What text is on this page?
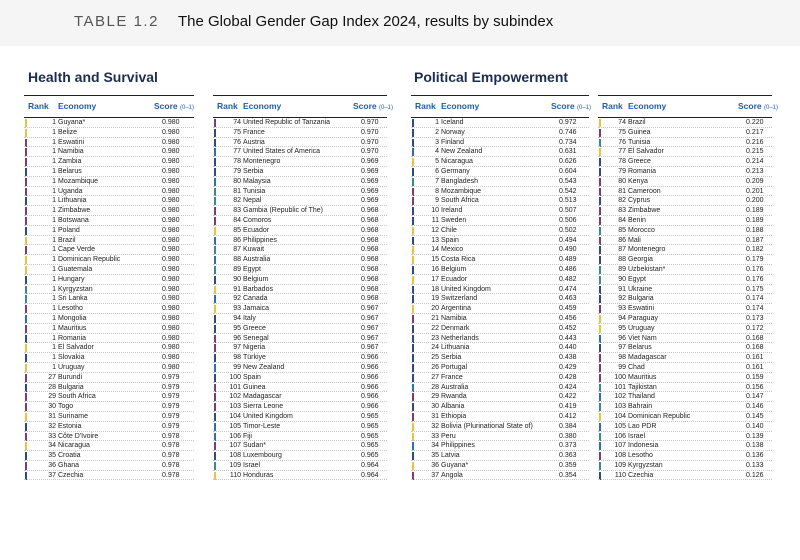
TABLE 1.2 The Global Gender Gap Index 2024, results by subindex
Health and Survival	Political Empowerment
Rank Economy	Score (0–1)
1 Guyana*	0.980
1 Belize	0.980
1 Eswatini	0.980
1 Namibia	0.980
1 Zambia	0.980
1 Belarus	0.980
1 Mozambique	0.980
1 Uganda	0.980
1 Lithuania	0.980
1 Zimbabwe	0.980
1 Botswana	0.980
1 Poland	0.980
1 Brazil	0.980
1 Cape Verde	0.980
1 Dominican Republic	0.980
1 Guatemala	0.980
1 Hungary	0.980
1 Kyrgyzstan	0.980
1 Sri Lanka	0.980
1 Lesotho	0.980
1 Mongolia	0.980
1 Mauritius	0.980
1 Romania	0.980
1 El Salvador	0.980
1 Slovakia	0.980
1 Uruguay	0.980
27 Burundi	0.979
28 Bulgaria	0.979
29 South Africa	0.979
30 Togo	0.979
31 Suriname	0.979
32 Estonia	0.979
33 Côte D'Ivoire	0.978
34 Nicaragua	0.978
35 Croatia	0.978
36 Ghana	0.978
37 Czechia	0.978
Rank Economy	Score (0–1)
74 United Republic of Tanzania	0.970
75 France	0.970
76 Austria	0.970
77 United States of America	0.970
78 Montenegro	0.969
79 Serbia	0.969
80 Malaysia	0.969
81 Tunisia	0.969
82 Nepal	0.969
83 Gambia (Republic of The)	0.968
84 Comoros	0.968
85 Ecuador	0.968
86 Philippines	0.968
87 Kuwait	0.968
88 Australia	0.968
89 Egypt	0.968
90 Belgium	0.968
91 Barbados	0.968
92 Canada	0.968
93 Jamaica	0.967
94 Italy	0.967
95 Greece	0.967
96 Senegal	0.967
97 Nigeria	0.967
98 Türkiye	0.966
99 New Zealand	0.966
100 Spain	0.966
101 Guinea	0.966
102 Madagascar	0.966
103 Sierra Leone	0.966
104 United Kingdom	0.965
105 Timor-Leste	0.965
106 Fiji	0.965
107 Sudan*	0.965
108 Luxembourg	0.965
109 Israel	0.964
110 Honduras	0.964
Rank Economy	Score (0–1)
1 Iceland	0.972
2 Norway	0.746
3 Finland	0.734
4 New Zealand	0.631
5 Nicaragua	0.626
6 Germany	0.604
7 Bangladesh	0.543
8 Mozambique	0.542
9 South Africa	0.513
10 Ireland	0.507
11 Sweden	0.506
12 Chile	0.502
13 Spain	0.494
14 Mexico	0.490
15 Costa Rica	0.489
16 Belgium	0.486
17 Ecuador	0.482
18 United Kingdom	0.474
19 Switzerland	0.463
20 Argentina	0.459
21 Namibia	0.456
22 Denmark	0.452
23 Netherlands	0.443
24 Lithuania	0.440
25 Serbia	0.438
26 Portugal	0.429
27 France	0.428
28 Australia	0.424
29 Rwanda	0.422
30 Albania	0.419
31 Ethiopia	0.412
32 Bolivia (Plurinational State of)	0.384
33 Peru	0.380
34 Philippines	0.373
35 Latvia	0.363
36 Guyana*	0.359
37 Angola	0.354
Rank Economy	Score (0–1)
74 Brazil	0.220
75 Guinea	0.217
76 Tunisia	0.216
77 El Salvador	0.215
78 Greece	0.214
79 Romania	0.213
80 Kenya	0.209
81 Cameroon	0.201
82 Cyprus	0.200
83 Zimbabwe	0.189
84 Benin	0.189
85 Morocco	0.188
86 Mali	0.187
87 Montenegro	0.182
88 Georgia	0.179
89 Uzbekistan*	0.176
90 Egypt	0.176
91 Ukraine	0.175
92 Bulgaria	0.174
93 Eswatini	0.174
94 Paraguay	0.173
95 Uruguay	0.172
96 Viet Nam	0.168
97 Belarus	0.168
98 Madagascar	0.161
99 Chad	0.161
100 Mauritius	0.159
101 Tajikistan	0.156
102 Thailand	0.147
103 Bahrain	0.146
104 Dominican Republic	0.145
105 Lao PDR	0.140
106 Israel	0.139
107 Indonesia	0.138
108 Lesotho	0.136
109 Kyrgyzstan	0.133
110 Czechia	0.126
